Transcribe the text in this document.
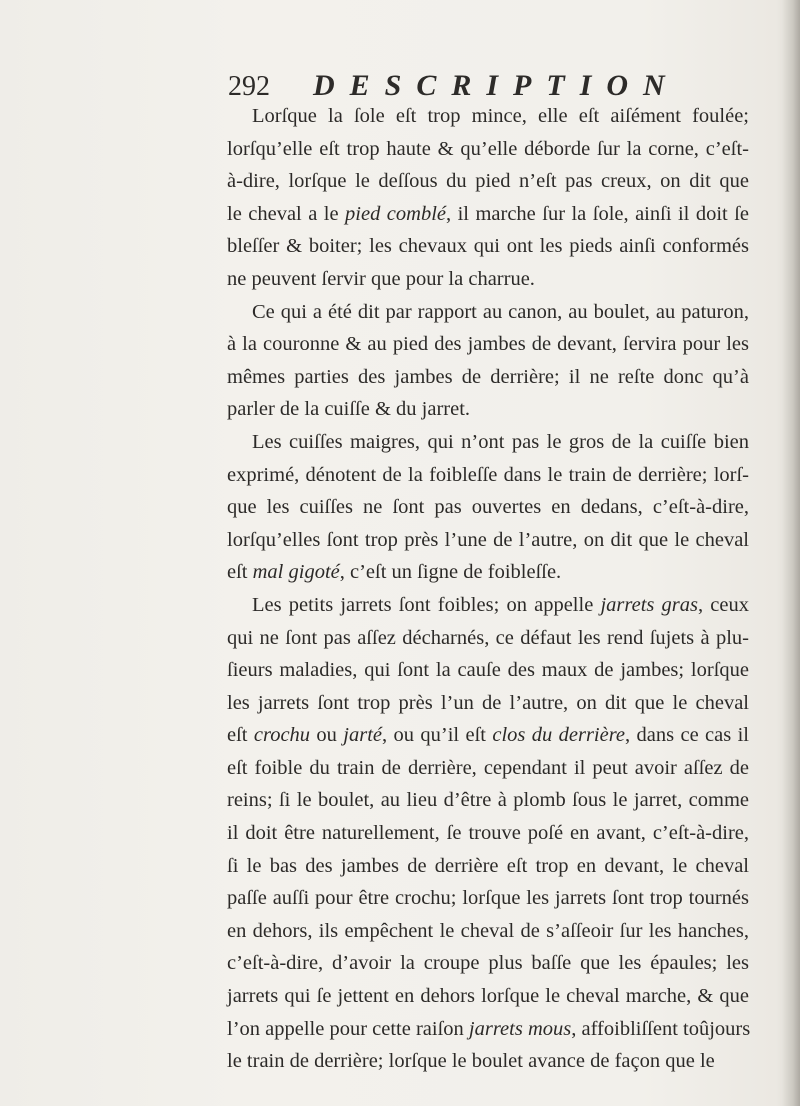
292 DESCRIPTION
Lorſque la ſole eſt trop mince, elle eſt aiſément foulée;
lorſqu’elle eſt trop haute & qu’elle déborde ſur la corne, c’eſt-
à-dire, lorſque le deſſous du pied n’eſt pas creux, on dit que
le cheval a le pied comblé, il marche ſur la ſole, ainſi il doit ſe
bleſſer & boiter; les chevaux qui ont les pieds ainſi conformés
ne peuvent ſervir que pour la charrue.
Ce qui a été dit par rapport au canon, au boulet, au paturon,
à la couronne & au pied des jambes de devant, ſervira pour les
mêmes parties des jambes de derrière; il ne reſte donc qu’à
parler de la cuiſſe & du jarret.
Les cuiſſes maigres, qui n’ont pas le gros de la cuiſſe bien
exprimé, dénotent de la foibleſſe dans le train de derrière; lorſ-
que les cuiſſes ne ſont pas ouvertes en dedans, c’eſt-à-dire,
lorſqu’elles ſont trop près l’une de l’autre, on dit que le cheval
eſt mal gigoté, c’eſt un ſigne de foibleſſe.
Les petits jarrets ſont foibles; on appelle jarrets gras, ceux
qui ne ſont pas aſſez décharnés, ce défaut les rend ſujets à plu-
ſieurs maladies, qui ſont la cauſe des maux de jambes; lorſque
les jarrets ſont trop près l’un de l’autre, on dit que le cheval
eſt crochu ou jarté, ou qu’il eſt clos du derrière, dans ce cas il
eſt foible du train de derrière, cependant il peut avoir aſſez de
reins; ſi le boulet, au lieu d’être à plomb ſous le jarret, comme
il doit être naturellement, ſe trouve poſé en avant, c’eſt-à-dire,
ſi le bas des jambes de derrière eſt trop en devant, le cheval
paſſe auſſi pour être crochu; lorſque les jarrets ſont trop tournés
en dehors, ils empêchent le cheval de s’aſſeoir ſur les hanches,
c’eſt-à-dire, d’avoir la croupe plus baſſe que les épaules; les
jarrets qui ſe jettent en dehors lorſque le cheval marche, & que
l’on appelle pour cette raiſon jarrets mous, affoibliſſent toûjours
le train de derrière; lorſque le boulet avance de façon que le
